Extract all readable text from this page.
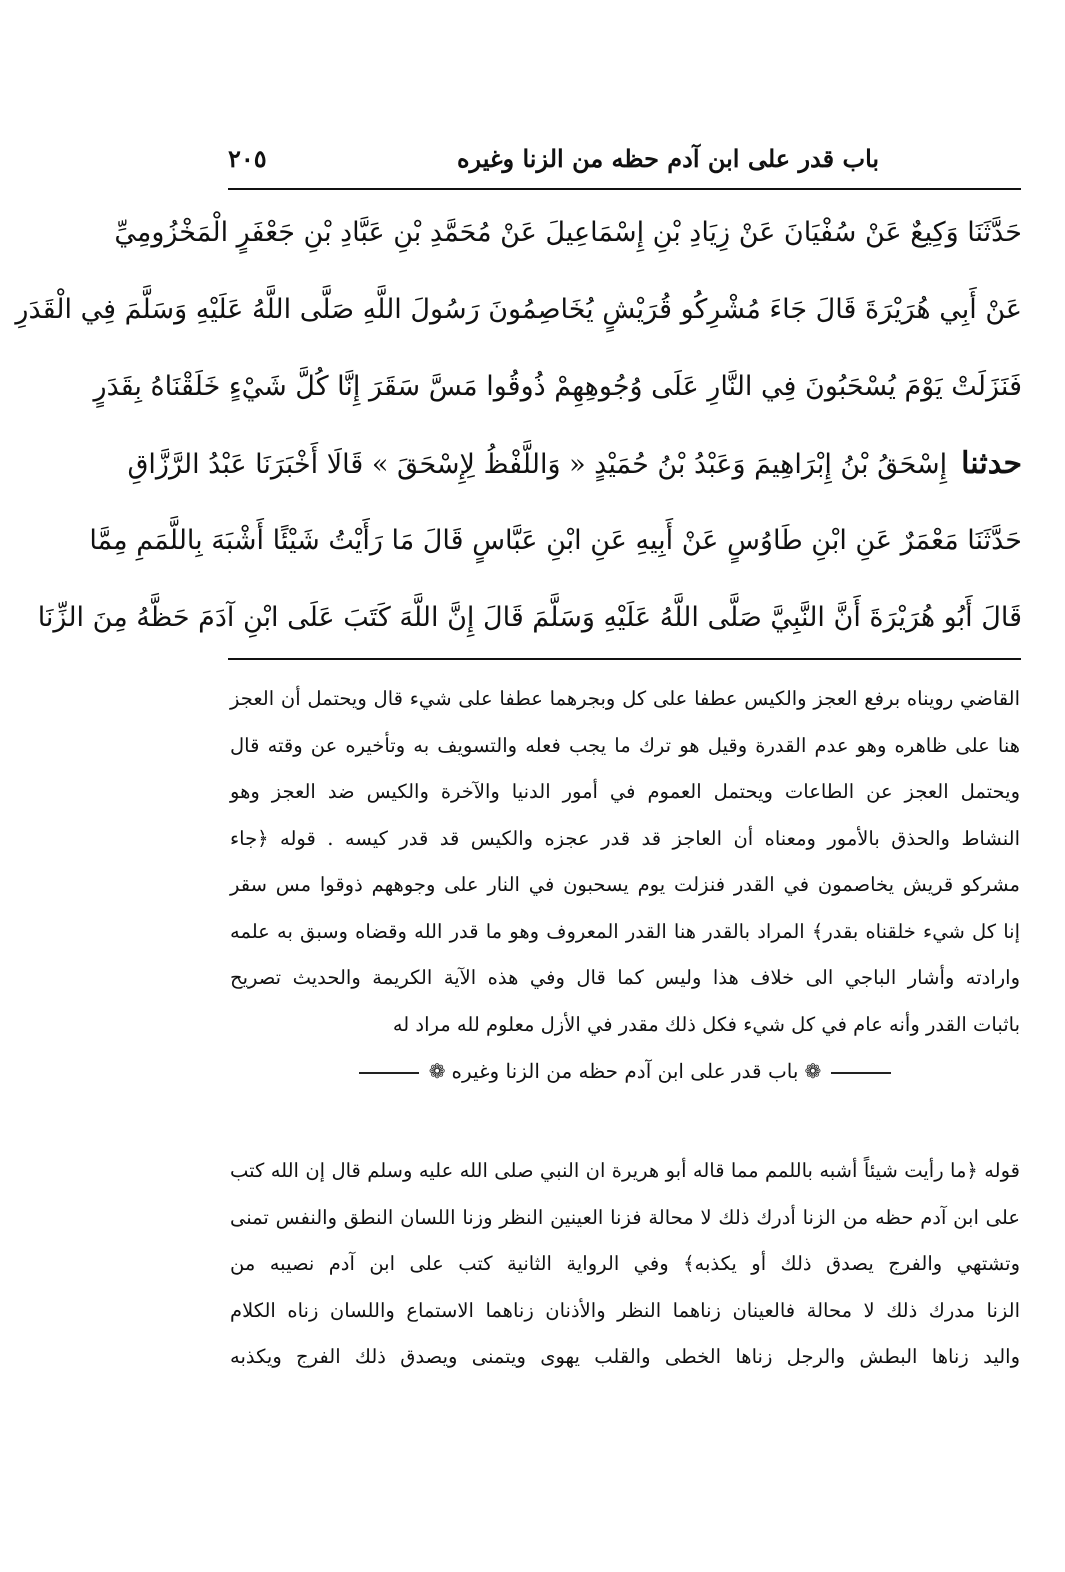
باب قدر على ابن آدم حظه من الزنا وغيره
٢٠٥
حَدَّثَنَا وَكِيعٌ عَنْ سُفْيَانَ عَنْ زِيَادِ بْنِ إِسْمَاعِيلَ عَنْ مُحَمَّدِ بْنِ عَبَّادِ بْنِ جَعْفَرٍ الْمَخْزُومِيِّ
عَنْ أَبِي هُرَيْرَةَ قَالَ جَاءَ مُشْرِكُو قُرَيْشٍ يُخَاصِمُونَ رَسُولَ اللَّهِ صَلَّى اللَّهُ عَلَيْهِ وَسَلَّمَ فِي الْقَدَرِ
فَنَزَلَتْ يَوْمَ يُسْحَبُونَ فِي النَّارِ عَلَى وُجُوهِهِمْ ذُوقُوا مَسَّ سَقَرَ إِنَّا كُلَّ شَيْءٍ خَلَقْنَاهُ بِقَدَرٍ
حدثناإِسْحَقُ بْنُ إِبْرَاهِيمَ وَعَبْدُ بْنُ حُمَيْدٍ « وَاللَّفْظُ لِإِسْحَقَ » قَالَا أَخْبَرَنَا عَبْدُ الرَّزَّاقِ
حَدَّثَنَا مَعْمَرٌ عَنِ ابْنِ طَاوُسٍ عَنْ أَبِيهِ عَنِ ابْنِ عَبَّاسٍ قَالَ مَا رَأَيْتُ شَيْئًا أَشْبَهَ بِاللَّمَمِ مِمَّا
قَالَ أَبُو هُرَيْرَةَ أَنَّ النَّبِيَّ صَلَّى اللَّهُ عَلَيْهِ وَسَلَّمَ قَالَ إِنَّ اللَّهَ كَتَبَ عَلَى ابْنِ آدَمَ حَظَّهُ مِنَ الزِّنَا
القاضي رويناه برفع العجز والكيس عطفا على كل وبجرهما عطفا على شيء قال ويحتمل أن العجز
هنا على ظاهره وهو عدم القدرة وقيل هو ترك ما يجب فعله والتسويف به وتأخيره عن وقته قال
ويحتمل العجز عن الطاعات ويحتمل العموم في أمور الدنيا والآخرة والكيس ضد العجز وهو
النشاط والحذق بالأمور ومعناه أن العاجز قد قدر عجزه والكيس قد قدر كيسه . قوله ﴿جاء
مشركو قريش يخاصمون في القدر فنزلت يوم يسحبون في النار على وجوههم ذوقوا مس سقر
إنا كل شيء خلقناه بقدر﴾ المراد بالقدر هنا القدر المعروف وهو ما قدر الله وقضاه وسبق به علمه
وارادته وأشار الباجي الى خلاف هذا وليس كما قال وفي هذه الآية الكريمة والحديث تصريح
باثبات القدر وأنه عام في كل شيء فكل ذلك مقدر في الأزل معلوم لله مراد له
❁باب قدر على ابن آدم حظه من الزنا وغيره❁
قوله ﴿ما رأيت شيئاً أشبه باللمم مما قاله أبو هريرة ان النبي صلى الله عليه وسلم قال إن الله كتب
على ابن آدم حظه من الزنا أدرك ذلك لا محالة فزنا العينين النظر وزنا اللسان النطق والنفس تمنى
وتشتهي والفرج يصدق ذلك أو يكذبه﴾ وفي الرواية الثانية كتب على ابن آدم نصيبه من
الزنا مدرك ذلك لا محالة فالعينان زناهما النظر والأذنان زناهما الاستماع واللسان زناه الكلام
واليد زناها البطش والرجل زناها الخطى والقلب يهوى ويتمنى ويصدق ذلك الفرج ويكذبه
